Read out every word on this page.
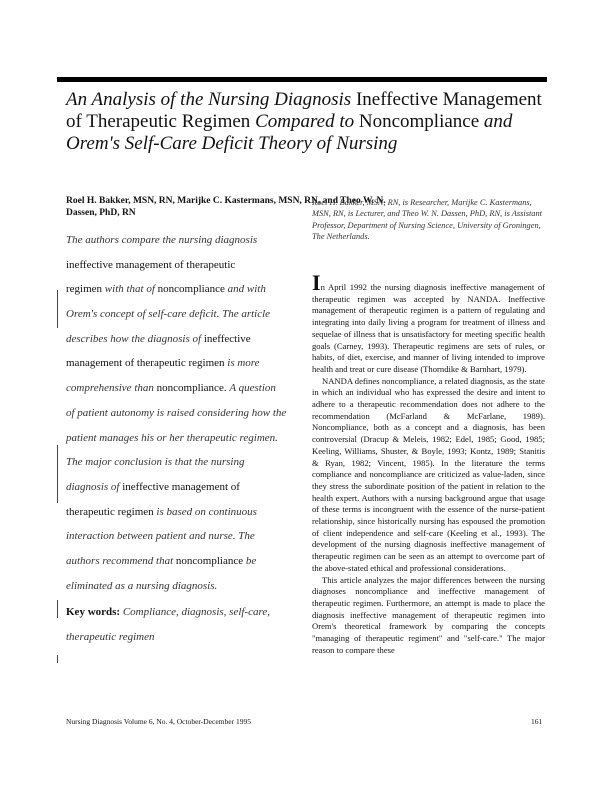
An Analysis of the Nursing Diagnosis Ineffective Management of Therapeutic Regimen Compared to Noncompliance and Orem's Self-Care Deficit Theory of Nursing
Roel H. Bakker, MSN, RN, Marijke C. Kastermans, MSN, RN, and Theo W. N. Dassen, PhD, RN
The authors compare the nursing diagnosis
ineffective management of therapeutic
regimen with that of noncompliance and with
Orem's concept of self-care deficit. The article
describes how the diagnosis of ineffective
management of therapeutic regimen is more
comprehensive than noncompliance. A question
of patient autonomy is raised considering how the
patient manages his or her therapeutic regimen.
The major conclusion is that the nursing
diagnosis of ineffective management of
therapeutic regimen is based on continuous
interaction between patient and nurse. The
authors recommend that noncompliance be
eliminated as a nursing diagnosis.
Key words: Compliance, diagnosis, self-care,
therapeutic regimen
Roel H. Bakker, MSN, RN, is Researcher, Marijke C. Kastermans, MSN, RN, is Lecturer, and Theo W. N. Dassen, PhD, RN, is Assistant Professor, Department of Nursing Science, University of Groningen, The Netherlands.

In April 1992 the nursing diagnosis ineffective management of therapeutic regimen was accepted by NANDA. Ineffective management of therapeutic regimen is a pattern of regulating and integrating into daily living a program for treatment of illness and sequelae of illness that is unsatisfactory for meeting specific health goals (Carney, 1993). Therapeutic regimens are sets of rules, or habits, of diet, exercise, and manner of living intended to improve health and treat or cure disease (Thorndike & Barnhart, 1979).

NANDA defines noncompliance, a related diagnosis, as the state in which an individual who has expressed the desire and intent to adhere to a therapeutic recommendation does not adhere to the recommendation (McFarland & McFarlane, 1989). Noncompliance, both as a concept and a diagnosis, has been controversial (Dracup & Meleis, 1982; Edel, 1985; Good, 1985; Keeling, Williams, Shuster, & Boyle, 1993; Kontz, 1989; Stanitis & Ryan, 1982; Vincent, 1985). In the literature the terms compliance and noncompliance are criticized as value-laden, since they stress the subordinate position of the patient in relation to the health expert. Authors with a nursing background argue that usage of these terms is incongruent with the essence of the nurse-patient relationship, since historically nursing has espoused the promotion of client independence and self-care (Keeling et al., 1993). The development of the nursing diagnosis ineffective management of therapeutic regimen can be seen as an attempt to overcome part of the above-stated ethical and professional considerations.

This article analyzes the major differences between the nursing diagnoses noncompliance and ineffective management of therapeutic regimen. Furthermore, an attempt is made to place the diagnosis ineffective management of therapeutic regimen into Orem's theoretical framework by comparing the concepts "managing of therapeutic regiment" and "self-care." The major reason to compare these

Nursing Diagnosis Volume 6, No. 4, October-December 1995	161
